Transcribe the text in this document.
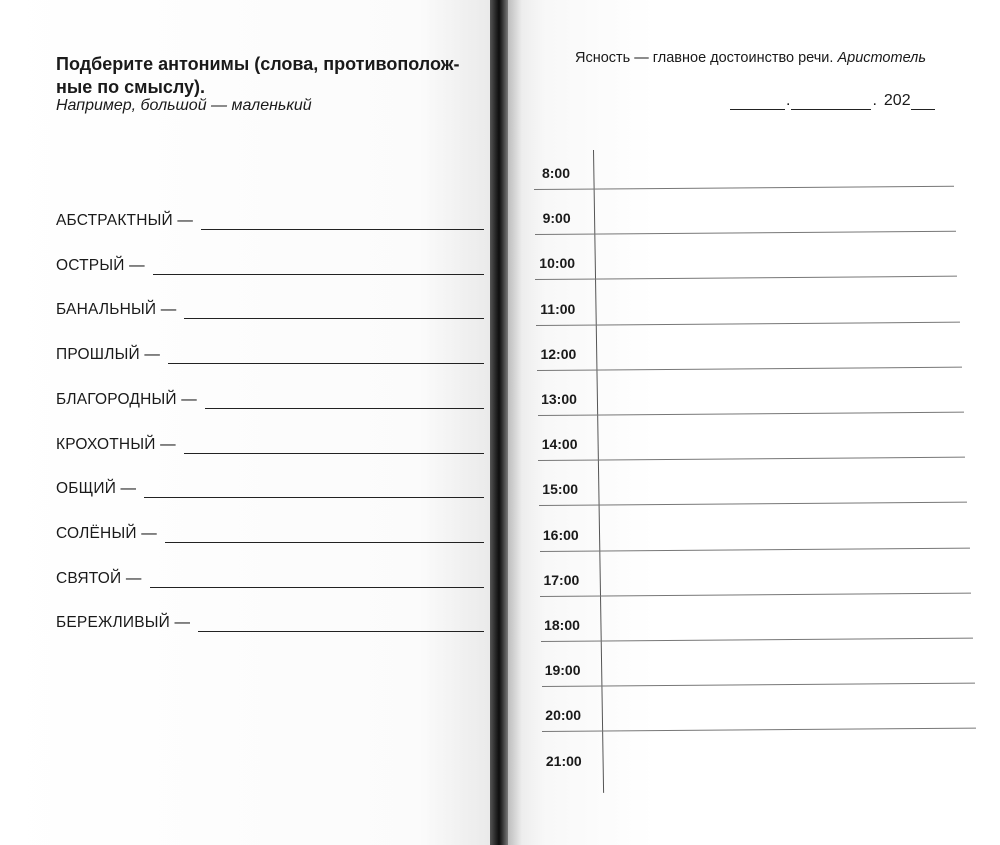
Подберите антонимы (слова, противополож-
ные по смыслу).
Например, большой — маленький
АБСТРАКТНЫЙ —
ОСТРЫЙ —
БАНАЛЬНЫЙ —
ПРОШЛЫЙ —
БЛАГОРОДНЫЙ —
КРОХОТНЫЙ —
ОБЩИЙ —
СОЛЁНЫЙ —
СВЯТОЙ —
БЕРЕЖЛИВЫЙ —
Ясность — главное достоинство речи. Аристотель
.	. 202
8:00
9:00
10:00
11:00
12:00
13:00
14:00
15:00
16:00
17:00
18:00
19:00
20:00
21:00
